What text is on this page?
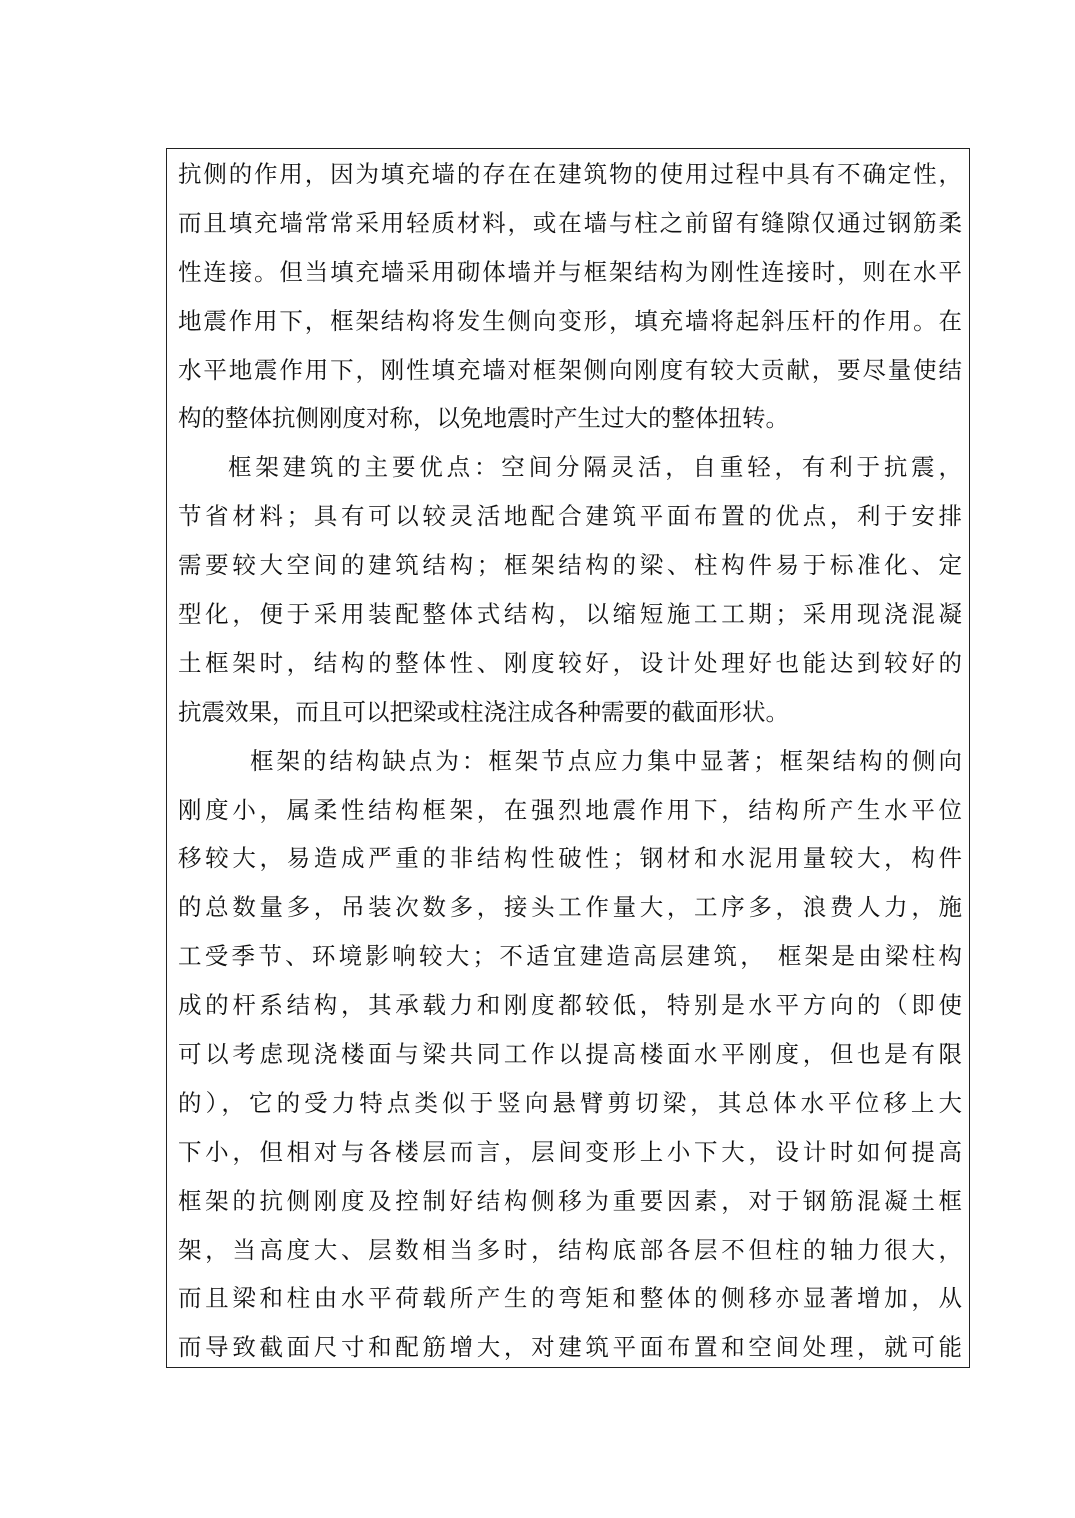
抗侧的作用，因为填充墙的存在在建筑物的使用过程中具有不确定性，
而且填充墙常常采用轻质材料，或在墙与柱之前留有缝隙仅通过钢筋柔
性连接。但当填充墙采用砌体墙并与框架结构为刚性连接时，则在水平
地震作用下，框架结构将发生侧向变形，填充墙将起斜压杆的作用。在
水平地震作用下，刚性填充墙对框架侧向刚度有较大贡献，要尽量使结
构的整体抗侧刚度对称，以免地震时产生过大的整体扭转。
框架建筑的主要优点：空间分隔灵活，自重轻，有利于抗震，
节省材料；具有可以较灵活地配合建筑平面布置的优点，利于安排
需要较大空间的建筑结构；框架结构的梁、柱构件易于标准化、定
型化，便于采用装配整体式结构，以缩短施工工期；采用现浇混凝
土框架时，结构的整体性、刚度较好，设计处理好也能达到较好的
抗震效果，而且可以把梁或柱浇注成各种需要的截面形状。
框架的结构缺点为：框架节点应力集中显著；框架结构的侧向
刚度小，属柔性结构框架，在强烈地震作用下，结构所产生水平位
移较大，易造成严重的非结构性破性；钢材和水泥用量较大，构件
的总数量多，吊装次数多，接头工作量大，工序多，浪费人力，施
工受季节、环境影响较大；不适宜建造高层建筑， 框架是由梁柱构
成的杆系结构，其承载力和刚度都较低，特别是水平方向的（即使
可以考虑现浇楼面与梁共同工作以提高楼面水平刚度，但也是有限
的），它的受力特点类似于竖向悬臂剪切梁，其总体水平位移上大
下小，但相对与各楼层而言，层间变形上小下大，设计时如何提高
框架的抗侧刚度及控制好结构侧移为重要因素，对于钢筋混凝土框
架，当高度大、层数相当多时，结构底部各层不但柱的轴力很大，
而且梁和柱由水平荷载所产生的弯矩和整体的侧移亦显著增加，从
而导致截面尺寸和配筋增大，对建筑平面布置和空间处理，就可能
